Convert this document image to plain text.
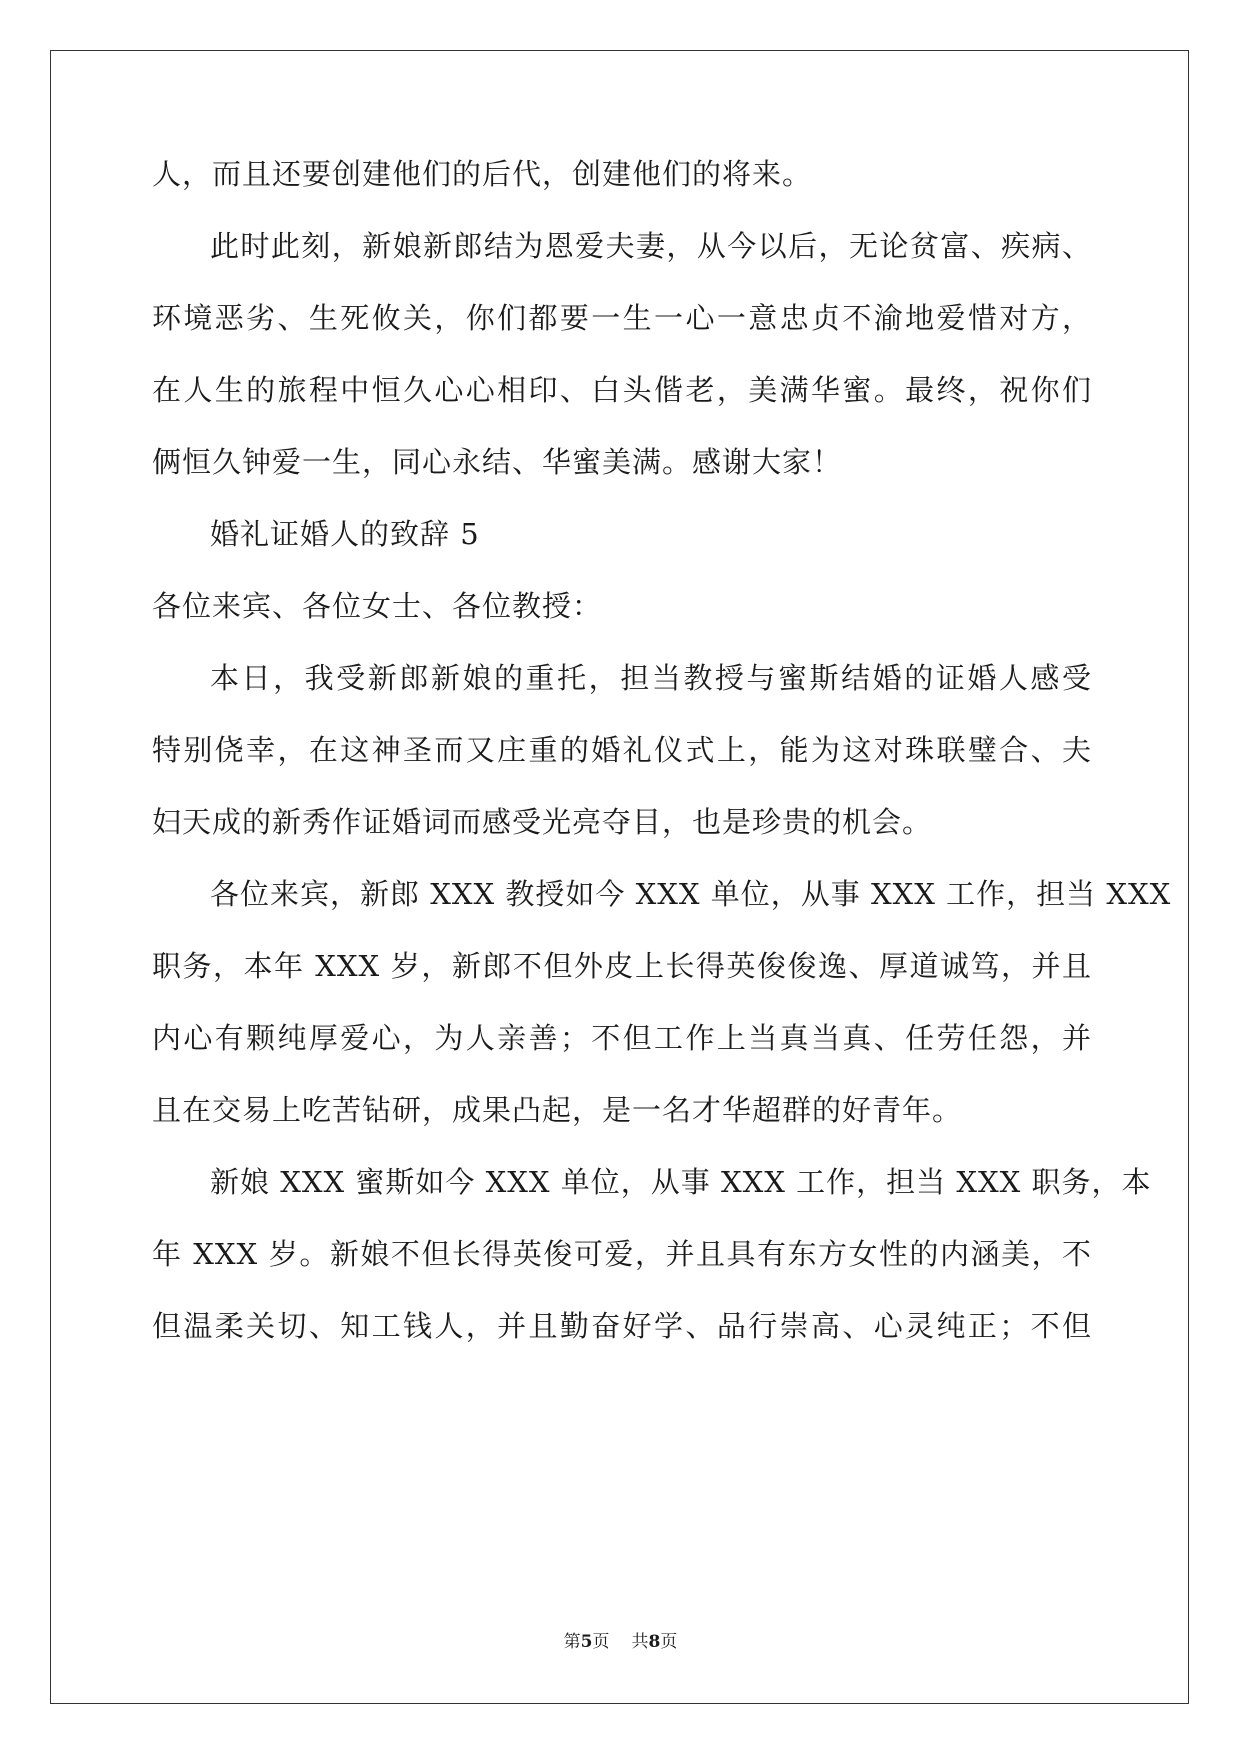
人，而且还要创建他们的后代，创建他们的将来。
此时此刻，新娘新郎结为恩爱夫妻，从今以后，无论贫富、疾病、
环境恶劣、生死攸关，你们都要一生一心一意忠贞不渝地爱惜对方，
在人生的旅程中恒久心心相印、白头偕老，美满华蜜。最终，祝你们
俩恒久钟爱一生，同心永结、华蜜美满。感谢大家！
婚礼证婚人的致辞 5
各位来宾、各位女士、各位教授：
本日，我受新郎新娘的重托，担当教授与蜜斯结婚的证婚人感受
特别侥幸，在这神圣而又庄重的婚礼仪式上，能为这对珠联璧合、夫
妇天成的新秀作证婚词而感受光亮夺目，也是珍贵的机会。
各位来宾，新郎 XXX 教授如今 XXX 单位，从事 XXX 工作，担当 XXX
职务，本年 XXX 岁，新郎不但外皮上长得英俊俊逸、厚道诚笃，并且
内心有颗纯厚爱心，为人亲善；不但工作上当真当真、任劳任怨，并
且在交易上吃苦钻研，成果凸起，是一名才华超群的好青年。
新娘 XXX 蜜斯如今 XXX 单位，从事 XXX 工作，担当 XXX 职务，本
年 XXX 岁。新娘不但长得英俊可爱，并且具有东方女性的内涵美，不
但温柔关切、知工钱人，并且勤奋好学、品行崇高、心灵纯正；不但
第5页 共8页
